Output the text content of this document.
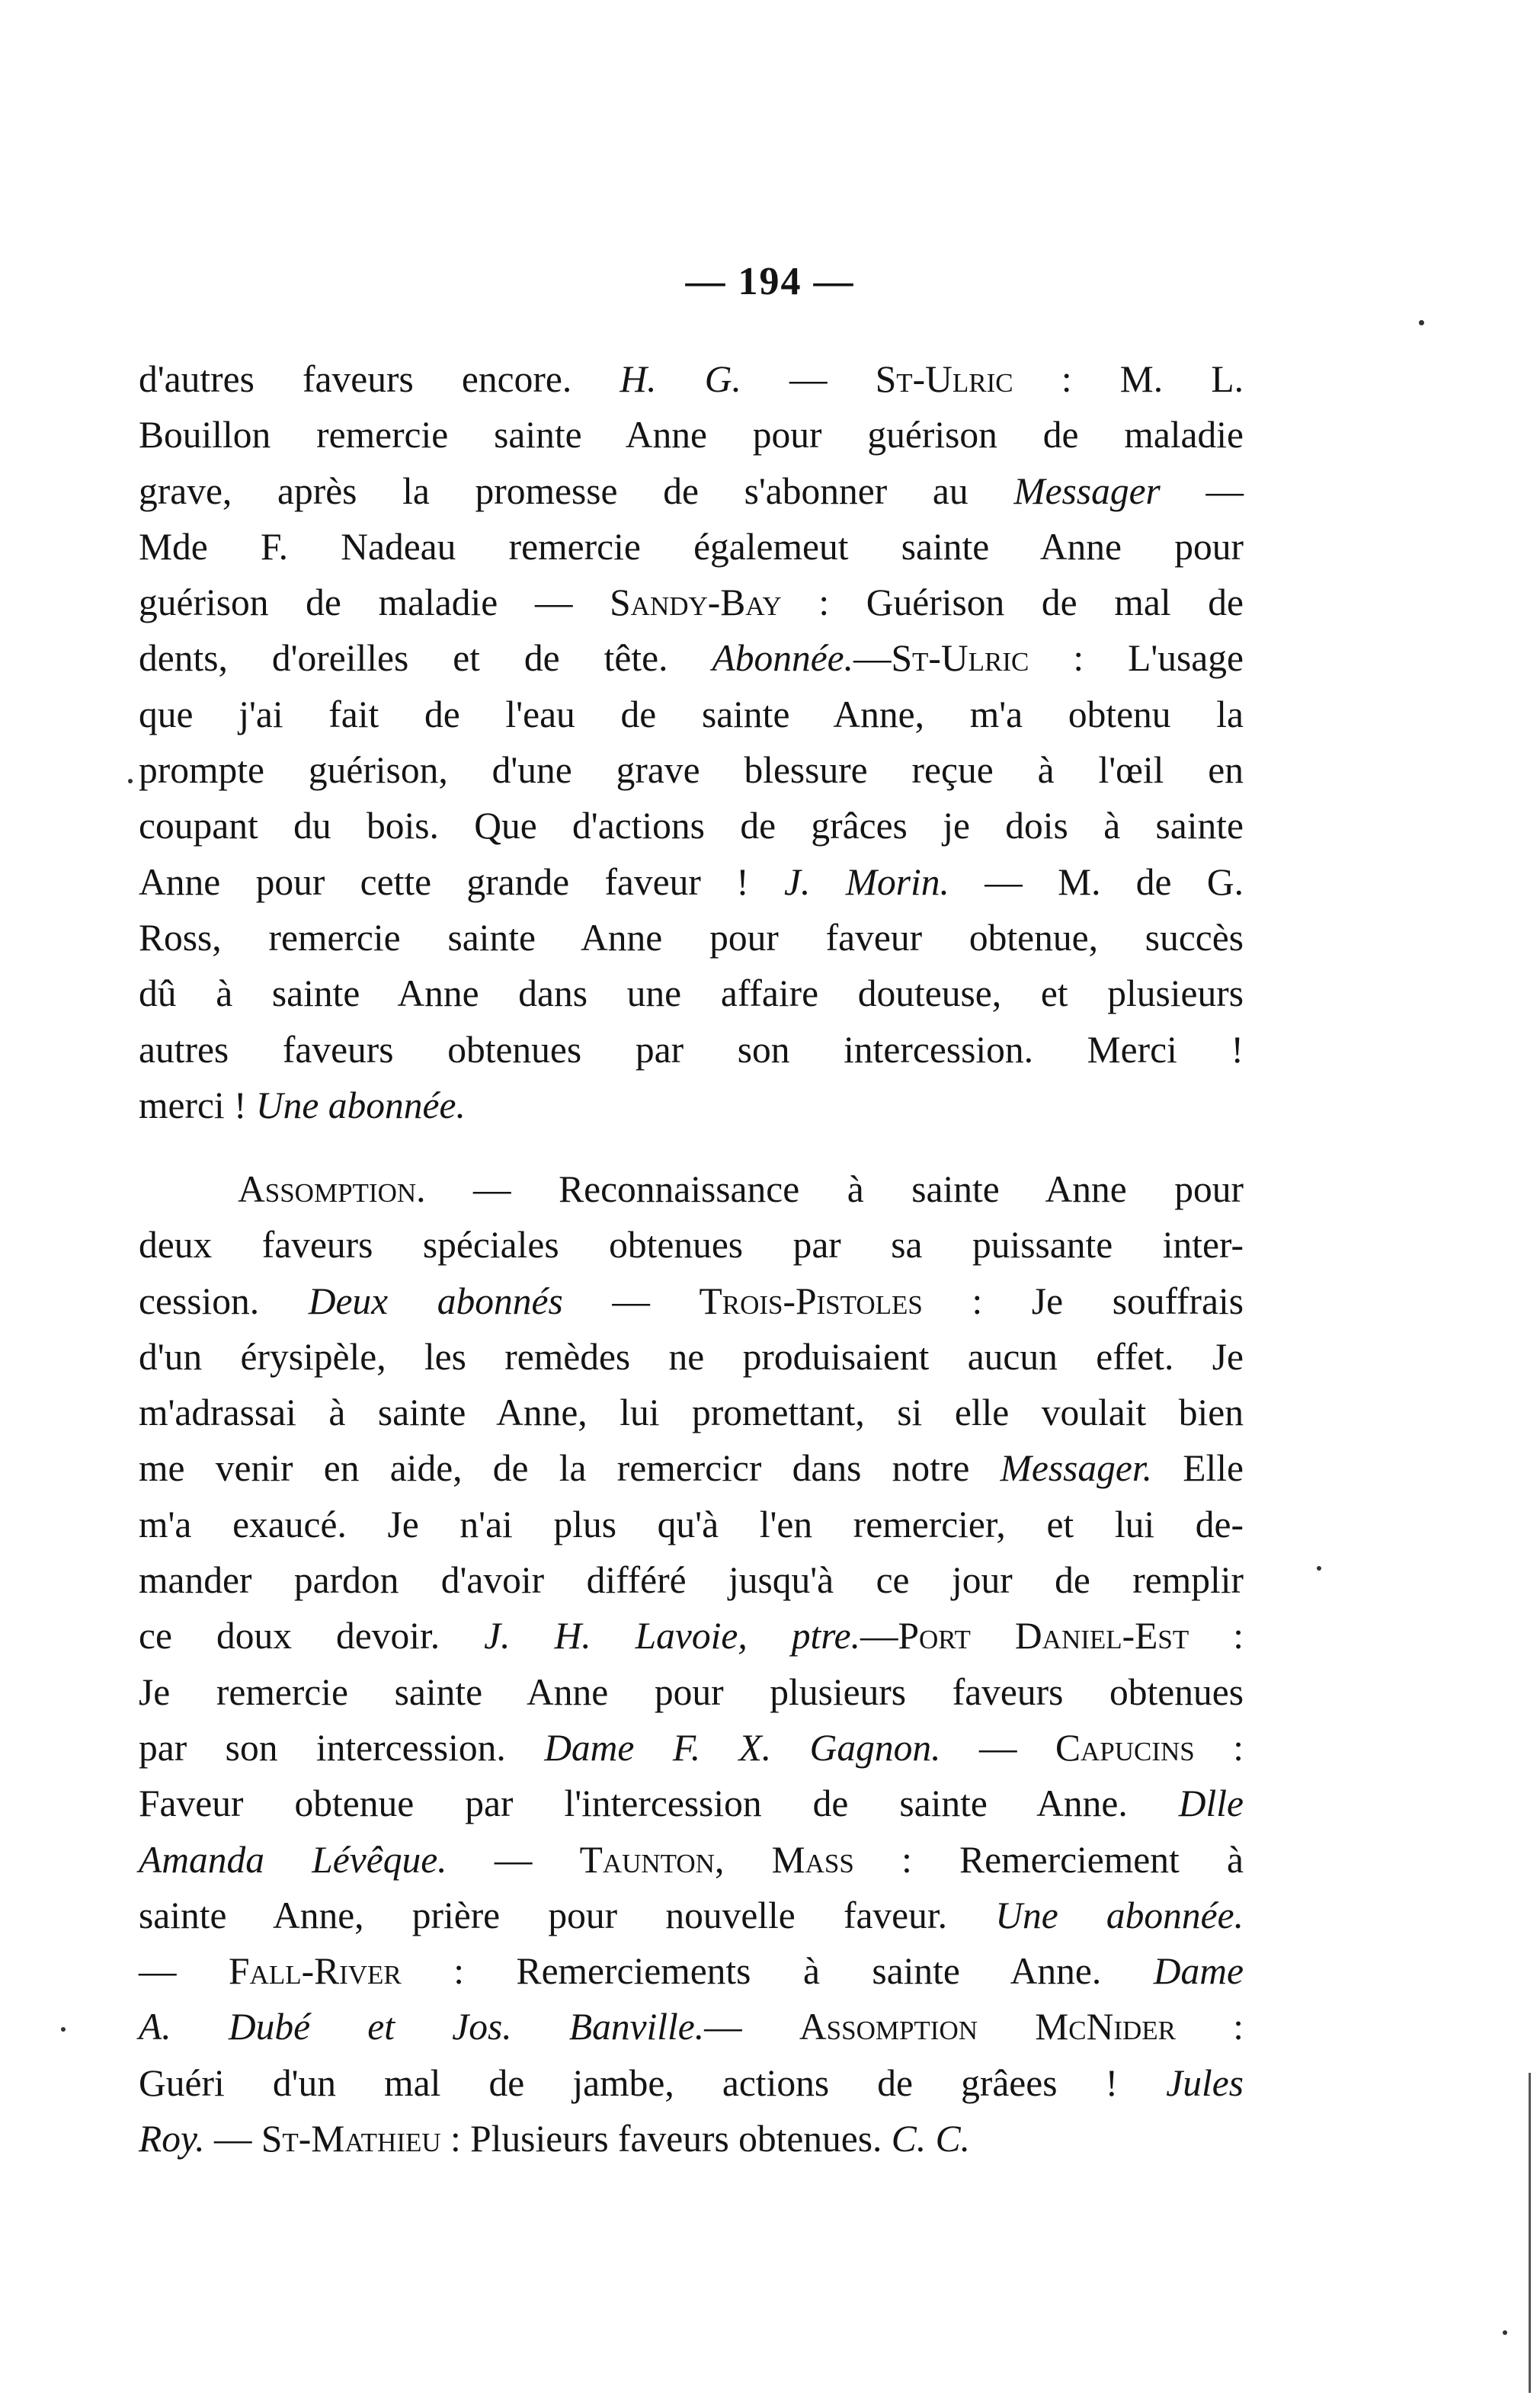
— 194 —
d'autres faveurs encore. H. G. — St-Ulric : M. L.
Bouillon remercie sainte Anne pour guérison de maladie
grave, après la promesse de s'abonner au Messager —
Mde F. Nadeau remercie égalemeut sainte Anne pour
guérison de maladie — Sandy-Bay : Guérison de mal de
dents, d'oreilles et de tête. Abonnée.—St-Ulric : L'usage
que j'ai fait de l'eau de sainte Anne, m'a obtenu la
prompte guérison, d'une grave blessure reçue à l'œil en
coupant du bois. Que d'actions de grâces je dois à sainte
Anne pour cette grande faveur ! J. Morin. — M. de G.
Ross, remercie sainte Anne pour faveur obtenue, succès
dû à sainte Anne dans une affaire douteuse, et plusieurs
autres faveurs obtenues par son intercession. Merci !
merci ! Une abonnée.
Assomption. — Reconnaissance à sainte Anne pour
deux faveurs spéciales obtenues par sa puissante inter-
cession. Deux abonnés — Trois-Pistoles : Je souffrais
d'un érysipèle, les remèdes ne produisaient aucun effet. Je
m'adrassai à sainte Anne, lui promettant, si elle voulait bien
me venir en aide, de la remercicr dans notre Messager. Elle
m'a exaucé. Je n'ai plus qu'à l'en remercier, et lui de-
mander pardon d'avoir différé jusqu'à ce jour de remplir
ce doux devoir. J. H. Lavoie, ptre.—Port Daniel-Est :
Je remercie sainte Anne pour plusieurs faveurs obtenues
par son intercession. Dame F. X. Gagnon. — Capucins :
Faveur obtenue par l'intercession de sainte Anne. Dlle
Amanda Lévêque. — Taunton, Mass : Remerciement à
sainte Anne, prière pour nouvelle faveur. Une abonnée.
— Fall-River : Remerciements à sainte Anne. Dame
A. Dubé et Jos. Banville.— Assomption McNider :
Guéri d'un mal de jambe, actions de grâees ! Jules
Roy. — St-Mathieu : Plusieurs faveurs obtenues. C. C.
